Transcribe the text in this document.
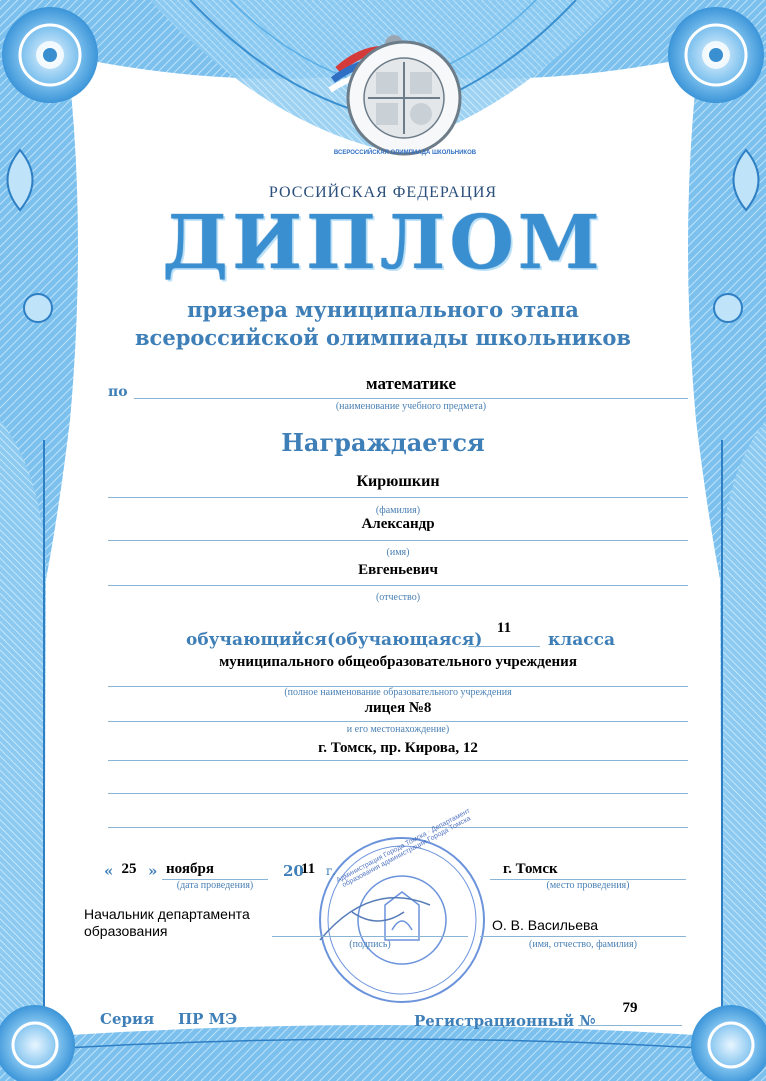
ВСЕРОССИЙСКАЯ ОЛИМПИАДА ШКОЛЬНИКОВ
РОССИЙСКАЯ ФЕДЕРАЦИЯ
ДИПЛОМ
призера муниципального этапа
всероссийской олимпиады школьников
по	математике
(наименование учебного предмета)
Награждается
Кирюшкин
(фамилия)
Александр
(имя)
Евгеньевич
(отчество)
обучающийся(обучающаяся)
11
класса
муниципального общеобразовательного учреждения
(полное наименование образовательного учреждения
лицея №8
и его местонахождение)
г. Томск, пр. Кирова, 12
« 25 » ноября	20
11 г.
(дата проведения)
г. Томск
(место проведения)
Начальник департамента
образования
(подпись)
О. В. Васильева
(имя, отчество, фамилия)
Администрация Города Томска · Департамент образования администрации Города Томска
Серия ПР МЭ	Регистрационный №
79
